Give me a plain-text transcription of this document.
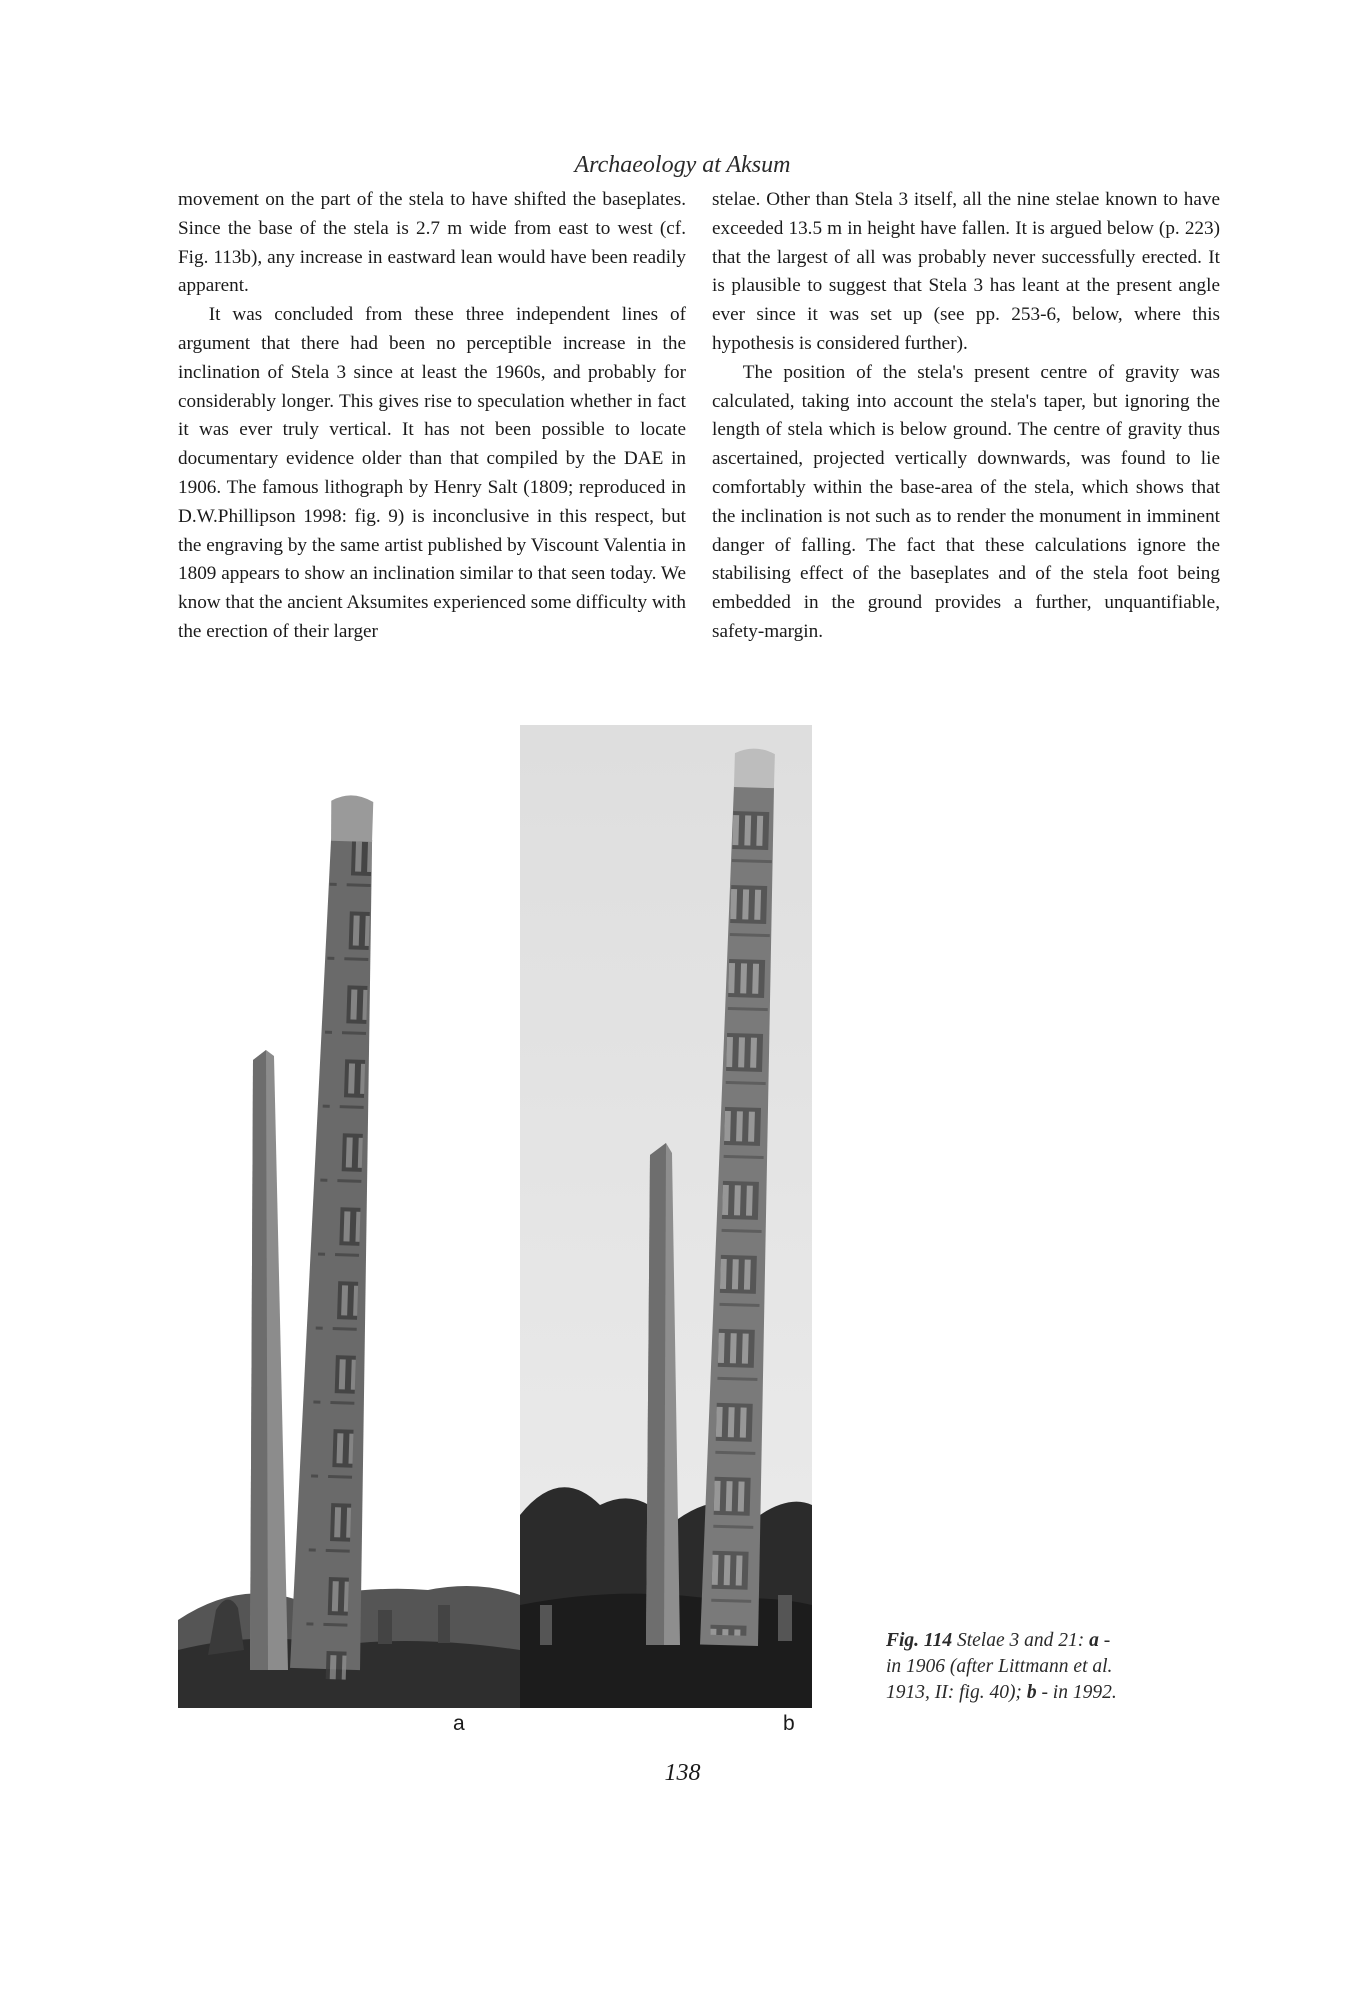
Archaeology at Aksum

movement on the part of the stela to have shifted the baseplates. Since the base of the stela is 2.7 m wide from east to west (cf. Fig. 113b), any increase in eastward lean would have been readily apparent.

It was concluded from these three independent lines of argument that there had been no perceptible increase in the inclination of Stela 3 since at least the 1960s, and probably for considerably longer. This gives rise to speculation whether in fact it was ever truly vertical. It has not been possible to locate documentary evidence older than that compiled by the DAE in 1906. The famous lithograph by Henry Salt (1809; reproduced in D.W.Phillipson 1998: fig. 9) is inconclusive in this respect, but the engraving by the same artist published by Viscount Valentia in 1809 appears to show an inclination similar to that seen today. We know that the ancient Aksumites experienced some difficulty with the erection of their larger

stelae. Other than Stela 3 itself, all the nine stelae known to have exceeded 13.5 m in height have fallen. It is argued below (p. 223) that the largest of all was probably never successfully erected. It is plausible to suggest that Stela 3 has leant at the present angle ever since it was set up (see pp. 253-6, below, where this hypothesis is considered further).

The position of the stela's present centre of gravity was calculated, taking into account the stela's taper, but ignoring the length of stela which is below ground. The centre of gravity thus ascertained, projected vertically downwards, was found to lie comfortably within the base-area of the stela, which shows that the inclination is not such as to render the monument in imminent danger of falling. The fact that these calculations ignore the stabilising effect of the baseplates and of the stela foot being embedded in the ground provides a further, unquantifiable, safety-margin.

a	b
Fig. 114 Stelae 3 and 21: a - in 1906 (after Littmann et al. 1913, II: fig. 40); b - in 1992.
138
